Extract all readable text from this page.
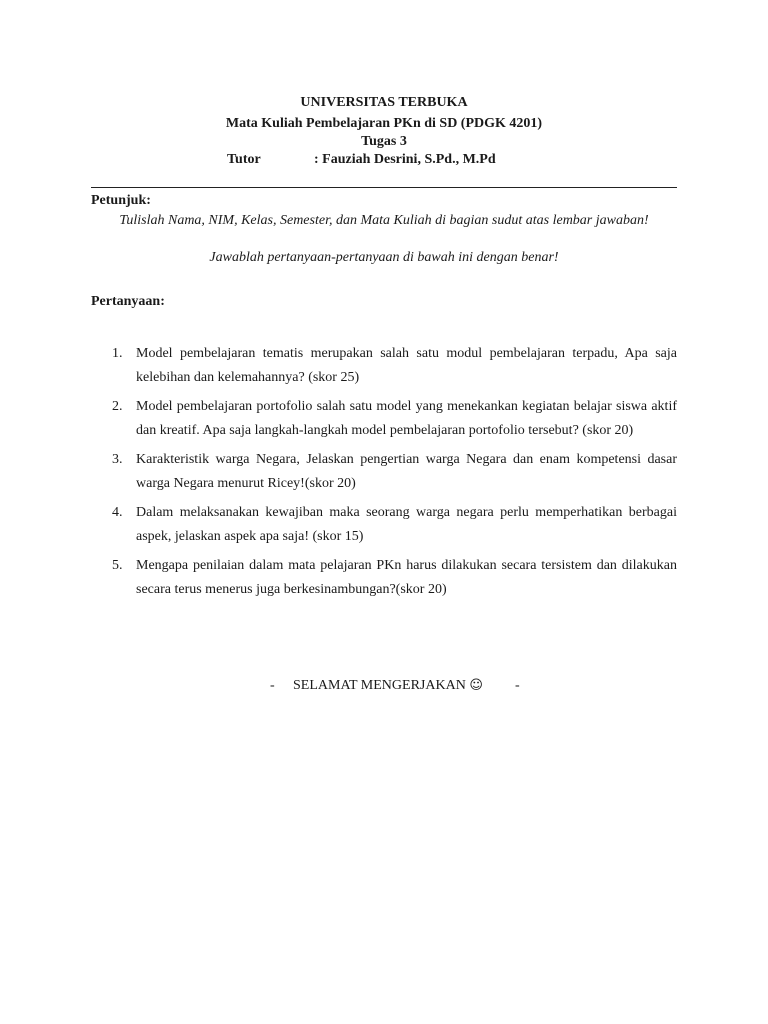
UNIVERSITAS TERBUKA
Mata Kuliah Pembelajaran PKn di SD (PDGK 4201)
Tugas 3
Tutor	: Fauziah Desrini, S.Pd., M.Pd
Petunjuk:
Tulislah Nama, NIM, Kelas, Semester, dan Mata Kuliah di bagian sudut atas lembar jawaban!
Jawablah pertanyaan-pertanyaan di bawah ini dengan benar!
Pertanyaan:
1. Model pembelajaran tematis merupakan salah satu modul pembelajaran terpadu, Apa saja kelebihan dan kelemahannya? (skor 25)
2. Model pembelajaran portofolio salah satu model yang menekankan kegiatan belajar siswa aktif dan kreatif. Apa saja langkah-langkah model pembelajaran portofolio tersebut? (skor 20)
3. Karakteristik warga Negara, Jelaskan pengertian warga Negara dan enam kompetensi dasar warga Negara menurut Ricey!(skor 20)
4. Dalam melaksanakan kewajiban maka seorang warga negara perlu memperhatikan berbagai aspek, jelaskan aspek apa saja! (skor 15)
5. Mengapa penilaian dalam mata pelajaran PKn harus dilakukan secara tersistem dan dilakukan secara terus menerus juga berkesinambungan?(skor 20)
- SELAMAT MENGERJAKAN ☺ -
